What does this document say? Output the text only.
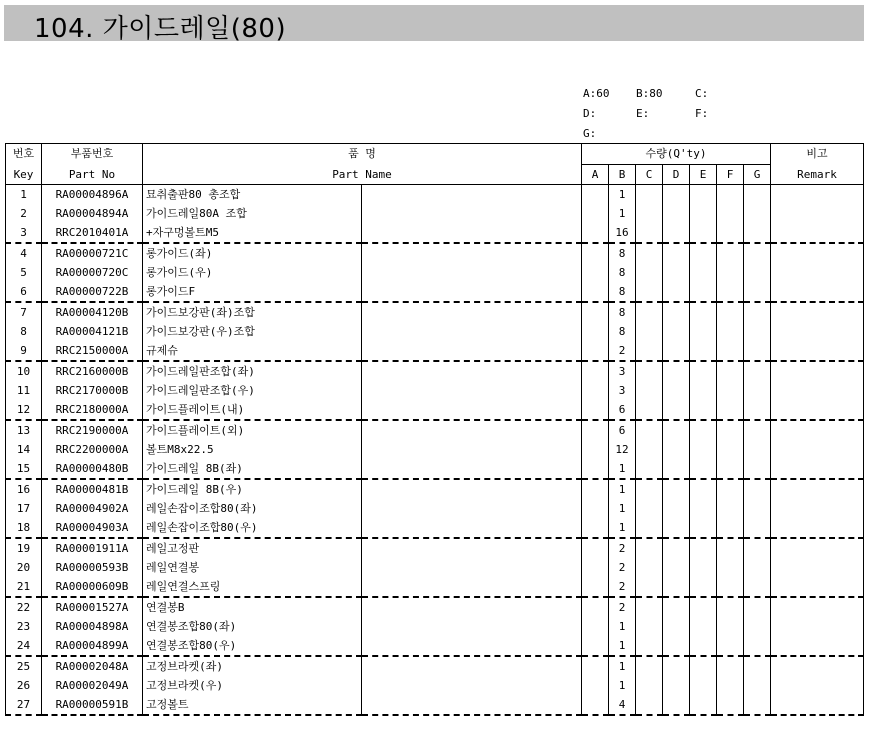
104. 가이드레일(80)
A:60 B:80	C:
D:	E:	F:
G:
번호	부품번호	품 명		수량(Q'ty)							비고
Key	Part No	Part Name		A	B	C	D	E	F	G	Remark
1	RA00004896A	묘취출판80 총조합			1						
2	RA00004894A	가이드레일80A 조합			1						
3	RRC2010401A	+자구멍볼트M5			16						
4	RA00000721C	롱가이드(좌)			8						
5	RA00000720C	롱가이드(우)			8						
6	RA00000722B	롱가이드F			8						
7	RA00004120B	가이드보강판(좌)조합			8						
8	RA00004121B	가이드보강판(우)조합			8						
9	RRC2150000A	규제슈			2						
10	RRC2160000B	가이드레일판조합(좌)			3						
11	RRC2170000B	가이드레일판조합(우)			3						
12	RRC2180000A	가이드플레이트(내)			6						
13	RRC2190000A	가이드플레이트(외)			6						
14	RRC2200000A	볼트M8x22.5			12						
15	RA00000480B	가이드레일 8B(좌)			1						
16	RA00000481B	가이드레일 8B(우)			1						
17	RA00004902A	레일손잡이조합80(좌)			1						
18	RA00004903A	레일손잡이조합80(우)			1						
19	RA00001911A	레일고정판			2						
20	RA00000593B	레일연결봉			2						
21	RA00000609B	레일연결스프링			2						
22	RA00001527A	연결봉B			2						
23	RA00004898A	연결봉조합80(좌)			1						
24	RA00004899A	연결봉조합80(우)			1						
25	RA00002048A	고정브라켓(좌)			1						
26	RA00002049A	고정브라켓(우)			1						
27	RA00000591B	고정볼트			4						
